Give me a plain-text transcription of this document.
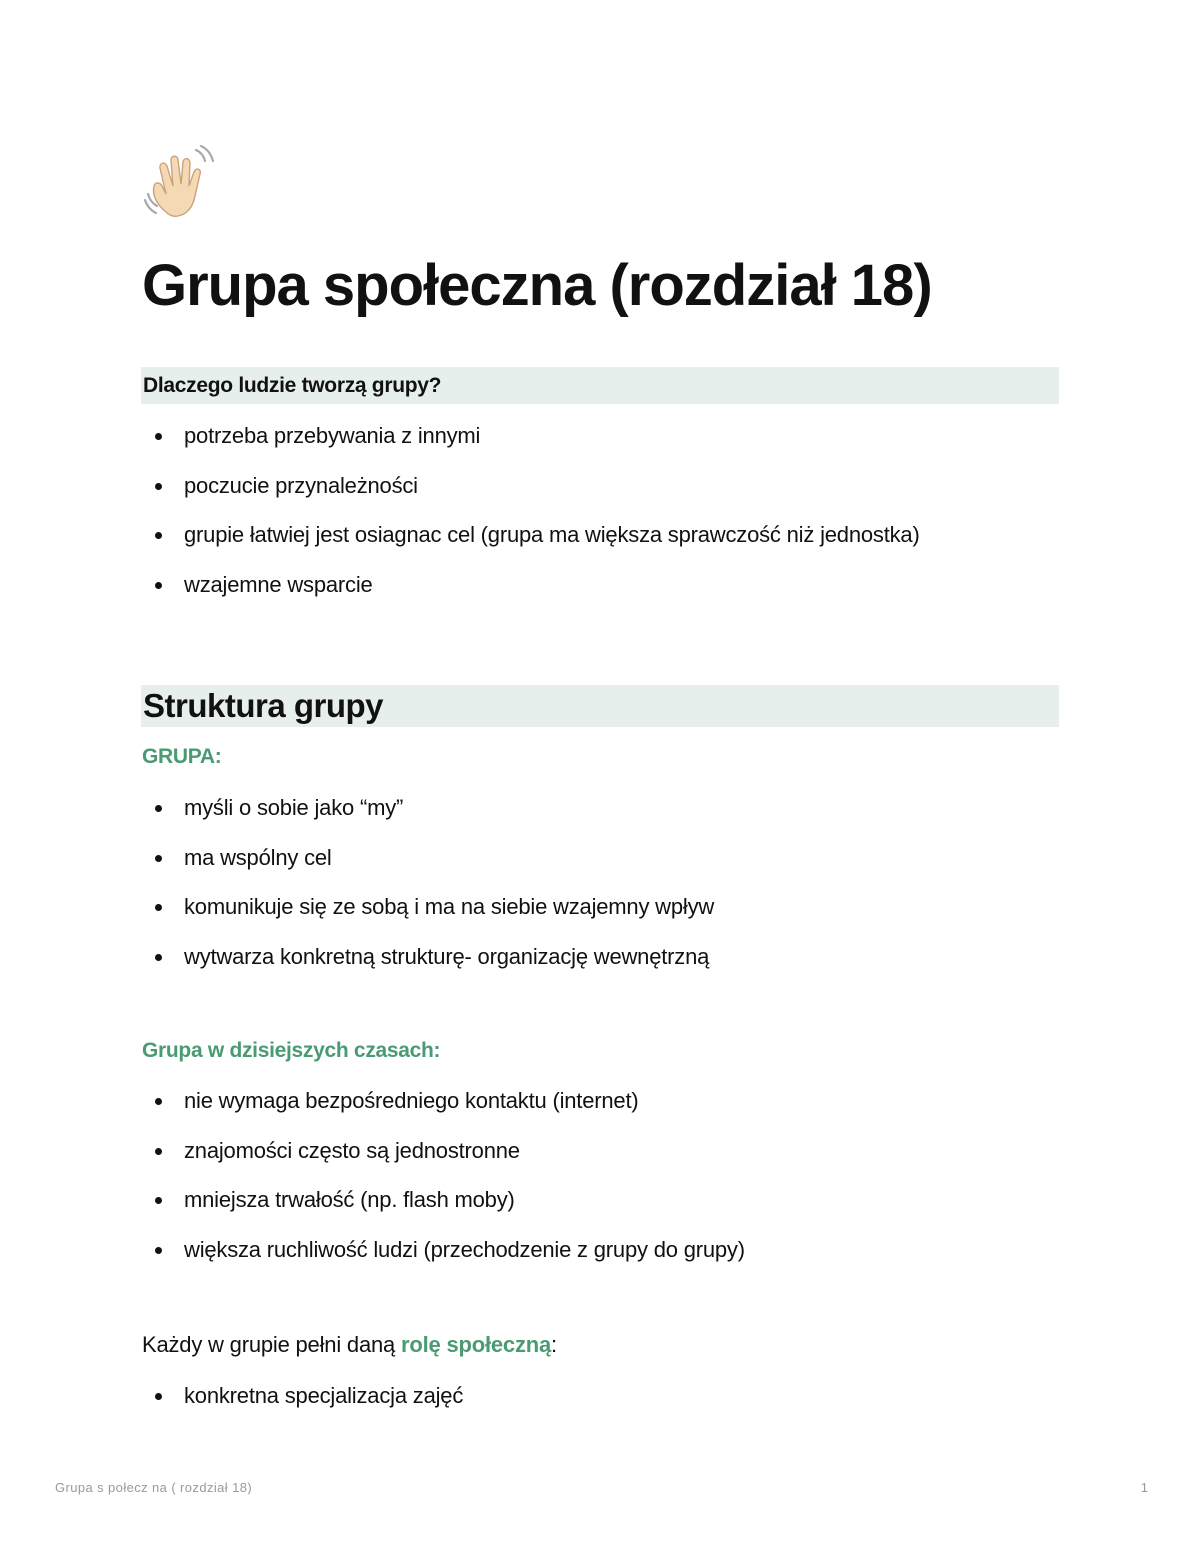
Grupa społeczna (rozdział 18)
Dlaczego ludzie tworzą grupy?
potrzeba przebywania z innymi
poczucie przynależności
grupie łatwiej jest osiagnac cel (grupa ma większa sprawczość niż jednostka)
wzajemne wsparcie
Struktura grupy
GRUPA:
myśli o sobie jako “my”
ma wspólny cel
komunikuje się ze sobą i ma na siebie wzajemny wpływ
wytwarza konkretną strukturę- organizację wewnętrzną
Grupa w dzisiejszych czasach:
nie wymaga bezpośredniego kontaktu (internet)
znajomości często są jednostronne
mniejsza trwałość (np. flash moby)
większa ruchliwość ludzi (przechodzenie z grupy do grupy)

Każdy w grupie pełni daną rolę społeczną:

konkretna specjalizacja zajęć
Grupa s połecz na ( rozdział 18)	1
